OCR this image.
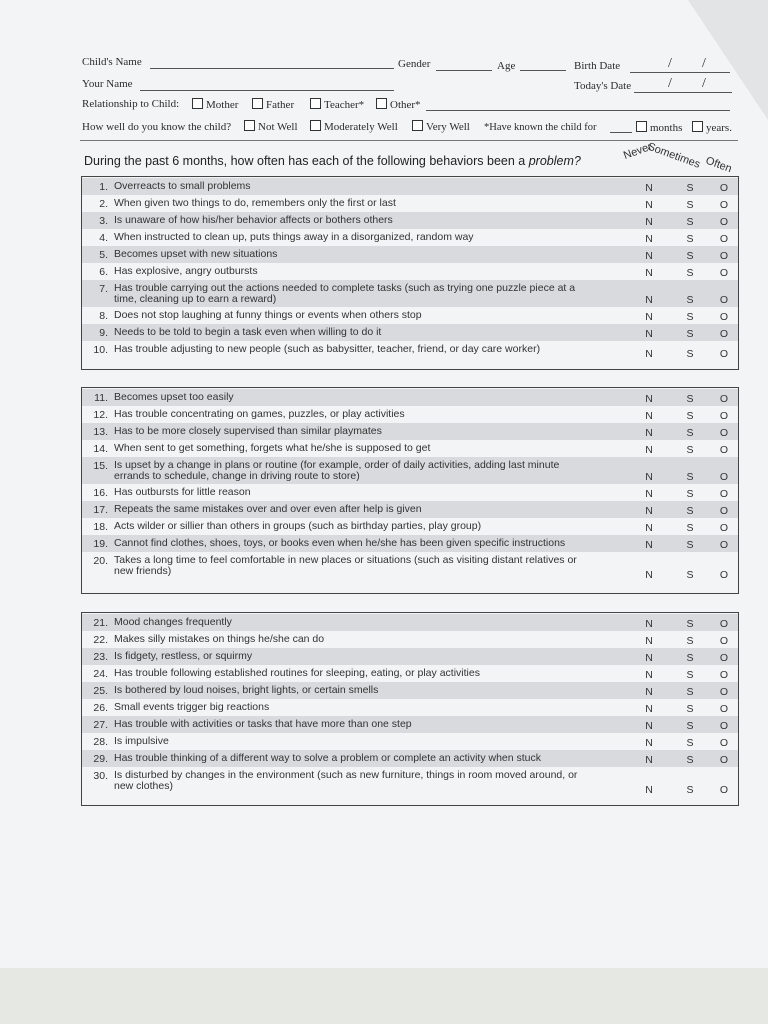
Child's Name	Gender	Age	Birth Date	/ /
Your Name	Today's Date	/ /
Relationship to Child:	Mother	Father	Teacher*	Other*
How well do you know the child?	Not Well	Moderately Well	Very Well *Have known the child for	months	years.
During the past 6 months, how often has each of the following behaviors been a problem?	Never
Sometimes Often
1. Overreacts to small problems	N	S	O
2. When given two things to do, remembers only the first or last	N	S	O
3. Is unaware of how his/her behavior affects or bothers others	N	S	O
4. When instructed to clean up, puts things away in a disorganized, random way	N	S	O
5. Becomes upset with new situations	N	S	O
6. Has explosive, angry outbursts	N	S	O
7. Has trouble carrying out the actions needed to complete tasks (such as trying one puzzle piece at a time, cleaning up to earn a reward)	N	S	O
8. Does not stop laughing at funny things or events when others stop	N	S	O
9. Needs to be told to begin a task even when willing to do it	N	S	O
10. Has trouble adjusting to new people (such as babysitter, teacher, friend, or day care worker)	N	S	O
11. Becomes upset too easily	N	S	O
12. Has trouble concentrating on games, puzzles, or play activities	N	S	O
13. Has to be more closely supervised than similar playmates	N	S	O
14. When sent to get something, forgets what he/she is supposed to get	N	S	O
15. Is upset by a change in plans or routine (for example, order of daily activities, adding last minute errands to schedule, change in driving route to store)	N	S	O
16. Has outbursts for little reason	N	S	O
17. Repeats the same mistakes over and over even after help is given	N	S	O
18. Acts wilder or sillier than others in groups (such as birthday parties, play group)	N	S	O
19. Cannot find clothes, shoes, toys, or books even when he/she has been given specific instructions	N	S	O
20. Takes a long time to feel comfortable in new places or situations (such as visiting distant relatives or new friends)	N	S	O
21. Mood changes frequently	N	S	O
22. Makes silly mistakes on things he/she can do	N	S	O
23. Is fidgety, restless, or squirmy	N	S	O
24. Has trouble following established routines for sleeping, eating, or play activities	N	S	O
25. Is bothered by loud noises, bright lights, or certain smells	N	S	O
26. Small events trigger big reactions	N	S	O
27. Has trouble with activities or tasks that have more than one step	N	S	O
28. Is impulsive	N	S	O
29. Has trouble thinking of a different way to solve a problem or complete an activity when stuck	N	S	O
30. Is disturbed by changes in the environment (such as new furniture, things in room moved around, or new clothes)	N	S	O
